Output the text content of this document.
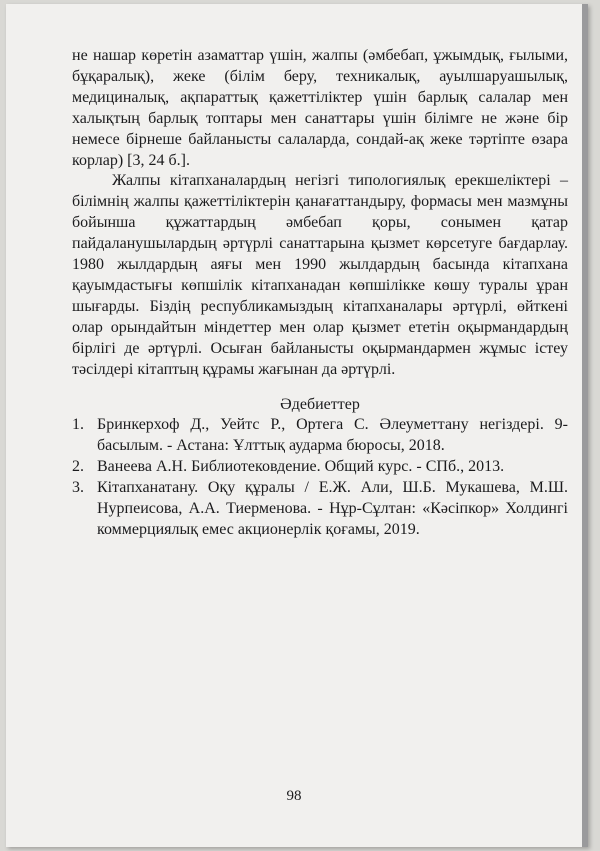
не нашар көретін азаматтар үшін, жалпы (әмбебап, ұжымдық, ғылыми, бұқаралық), жеке (білім беру, техникалық, ауылшаруашылық, медициналық, ақпараттық қажеттіліктер үшін барлық салалар мен халықтың барлық топтары мен санаттары үшін білімге не және бір немесе бірнеше байланысты салаларда, сондай-ақ жеке тәртіпте өзара корлар) [3, 24 б.].

Жалпы кітапханалардың негізгі типологиялық ерекшеліктері – білімнің жалпы қажеттіліктерін қанағаттандыру, формасы мен мазмұны бойынша құжаттардың әмбебап қоры, сонымен қатар пайдаланушылардың әртүрлі санаттарына қызмет көрсетуге бағдарлау. 1980 жылдардың аяғы мен 1990 жылдардың басында кітапхана қауымдастығы көпшілік кітапханадан көпшілікке көшу туралы ұран шығарды. Біздің республикамыздың кітапханалары әртүрлі, өйткені олар орындайтын міндеттер мен олар қызмет ететін оқырмандардың бірлігі де әртүрлі. Осыған байланысты оқырмандармен жұмыс істеу тәсілдері кітаптың құрамы жағынан да әртүрлі.

Әдебиеттер

1. Бринкерхоф Д., Уейтс Р., Ортега С. Әлеуметтану негіздері. 9-басылым. - Астана: Ұлттық аударма бюросы, 2018.
2. Ванеева А.Н. Библиотековдение. Общий курс. - СПб., 2013.
3. Кітапханатану. Оқу құралы / Е.Ж. Али, Ш.Б. Мукашева, М.Ш. Нурпеисова, А.А. Тиерменова. - Нұр-Сұлтан: «Кәсіпкор» Холдингі коммерциялық емес акционерлік қоғамы, 2019.
98
